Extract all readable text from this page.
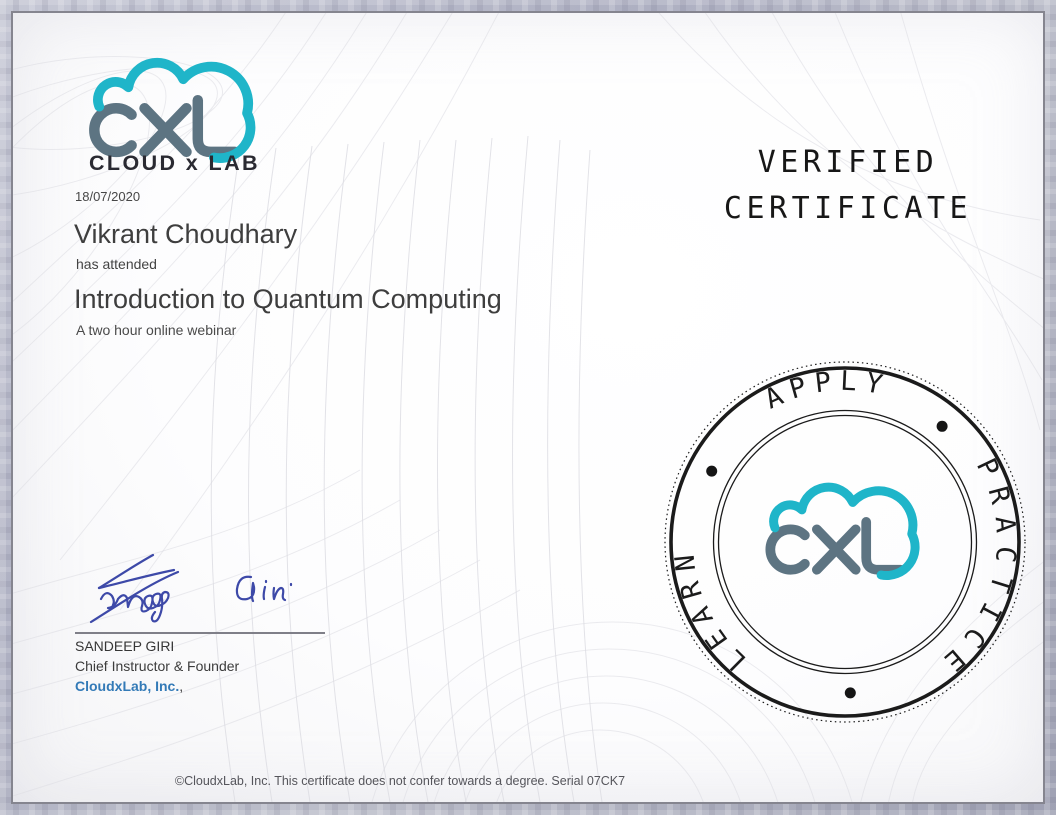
CLOUD x LAB
18/07/2020
Vikrant Choudhary
has attended
Introduction to Quantum Computing
A two hour online webinar
VERIFIED
CERTIFICATE
APPLY
PRACTICE
LEARN
SANDEEP GIRI
Chief Instructor & Founder
CloudxLab, Inc.,
©CloudxLab, Inc. This certificate does not confer towards a degree. Serial 07CK7
